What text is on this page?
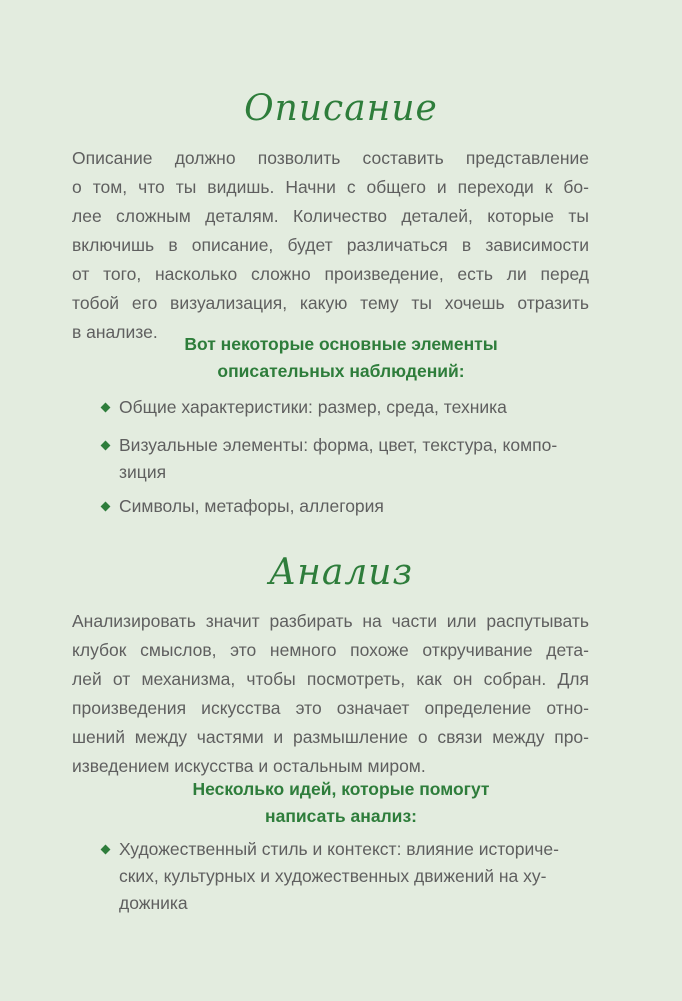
Описание

Описание должно позволить составить представление
о том, что ты видишь. Начни с общего и переходи к бо-
лее сложным деталям. Количество деталей, которые ты
включишь в описание, будет различаться в зависимости
от того, насколько сложно произведение, есть ли перед
тобой его визуализация, какую тему ты хочешь отразить
в анализе.

Вот некоторые основные элементы
описательных наблюдений:
Общие характеристики: размер, среда, техника
Визуальные элементы: форма, цвет, текстура, компо-
зиция
Символы, метафоры, аллегория
Анализ

Анализировать значит разбирать на части или распутывать
клубок смыслов, это немного похоже откручивание дета-
лей от механизма, чтобы посмотреть, как он собран. Для
произведения искусства это означает определение отно-
шений между частями и размышление о связи между про-
изведением искусства и остальным миром.

Несколько идей, которые помогут
написать анализ:
Художественный стиль и контекст: влияние историче-
ских, культурных и художественных движений на ху-
дожника
